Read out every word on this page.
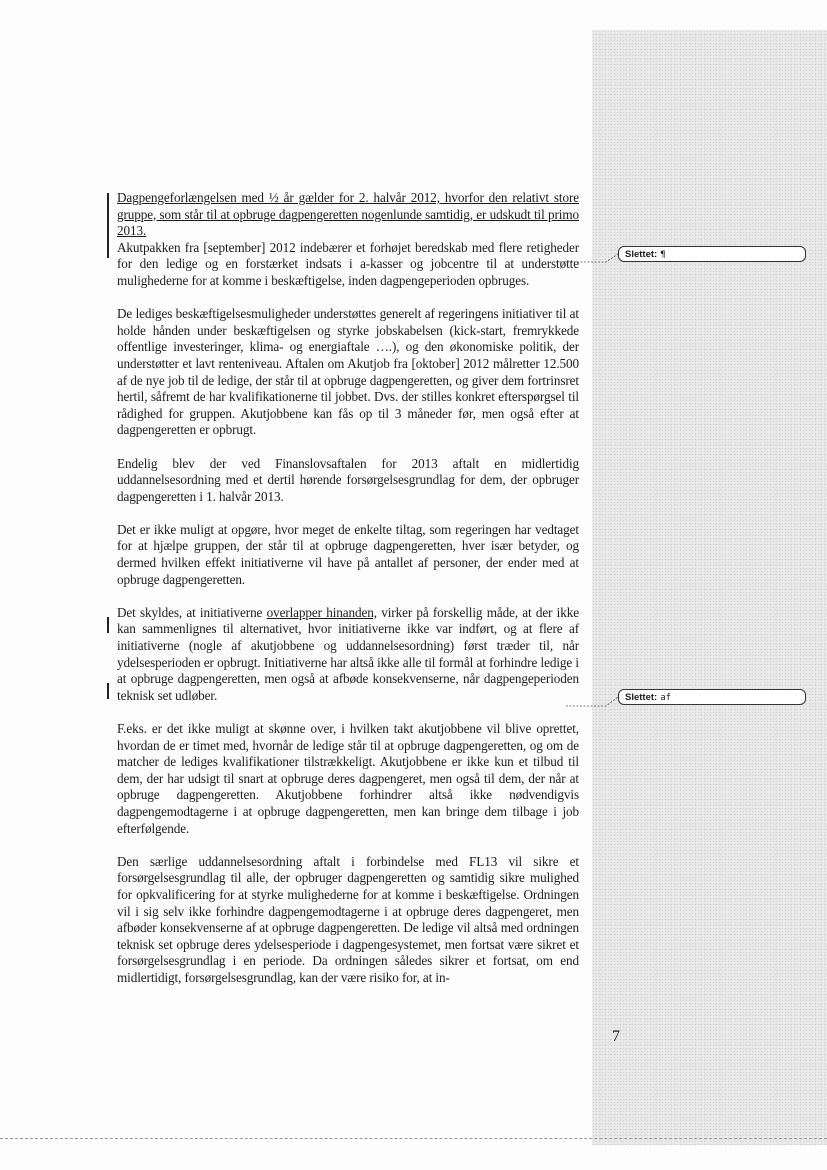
Dagpengeforlængelsen med ½ år gælder for 2. halvår 2012, hvorfor den relativt store gruppe, som står til at opbruge dagpengeretten nogenlunde samtidig, er udskudt til primo 2013.

Akutpakken fra [september] 2012 indebærer et forhøjet beredskab med flere retigheder for den ledige og en forstærket indsats i a-kasser og jobcentre til at understøtte mulighederne for at komme i beskæftigelse, inden dagpengeperioden opbruges.

De lediges beskæftigelsesmuligheder understøttes generelt af regeringens initiativer til at holde hånden under beskæftigelsen og styrke jobskabelsen (kick-start, fremrykkede offentlige investeringer, klima- og energiaftale ….), og den økonomiske politik, der understøtter et lavt renteniveau. Aftalen om Akutjob fra [oktober] 2012 målretter 12.500 af de nye job til de ledige, der står til at opbruge dagpengeretten, og giver dem fortrinsret hertil, såfremt de har kvalifikationerne til jobbet. Dvs. der stilles konkret efterspørgsel til rådighed for gruppen. Akutjobbene kan fås op til 3 måneder før, men også efter at dagpengeretten er opbrugt.

Endelig blev der ved Finanslovsaftalen for 2013 aftalt en midlertidig uddannelsesordning med et dertil hørende forsørgelsesgrundlag for dem, der opbruger dagpengeretten i 1. halvår 2013.

Det er ikke muligt at opgøre, hvor meget de enkelte tiltag, som regeringen har vedtaget for at hjælpe gruppen, der står til at opbruge dagpengeretten, hver især betyder, og dermed hvilken effekt initiativerne vil have på antallet af personer, der ender med at opbruge dagpengeretten.

Det skyldes, at initiativerne overlapper hinanden, virker på forskellig måde, at der ikke kan sammenlignes til alternativet, hvor initiativerne ikke var indført, og at flere af initiativerne (nogle af akutjobbene og uddannelsesordning) først træder til, når ydelsesperioden er opbrugt. Initiativerne har altså ikke alle til formål at forhindre ledige i at opbruge dagpengeretten, men også at afbøde konsekvenserne, når dagpengeperioden teknisk set udløber.

F.eks. er det ikke muligt at skønne over, i hvilken takt akutjobbene vil blive oprettet, hvordan de er timet med, hvornår de ledige står til at opbruge dagpengeretten, og om de matcher de lediges kvalifikationer tilstrækkeligt. Akutjobbene er ikke kun et tilbud til dem, der har udsigt til snart at opbruge deres dagpengeret, men også til dem, der når at opbruge dagpengeretten. Akutjobbene forhindrer altså ikke nødvendigvis dagpengemodtagerne i at opbruge dagpengeretten, men kan bringe dem tilbage i job efterfølgende.

Den særlige uddannelsesordning aftalt i forbindelse med FL13 vil sikre et forsørgelsesgrundlag til alle, der opbruger dagpengeretten og samtidig sikre mulighed for opkvalificering for at styrke mulighederne for at komme i beskæftigelse. Ordningen vil i sig selv ikke forhindre dagpengemodtagerne i at opbruge deres dagpengeret, men afbøder konsekvenserne af at opbruge dagpengeretten. De ledige vil altså med ordningen teknisk set opbruge deres ydelsesperiode i dagpengesystemet, men fortsat være sikret et forsørgelsesgrundlag i en periode. Da ordningen således sikrer et fortsat, om end midlertidigt, forsørgelsesgrundlag, kan der være risiko for, at in-

Slettet: ¶
Slettet: af
7
